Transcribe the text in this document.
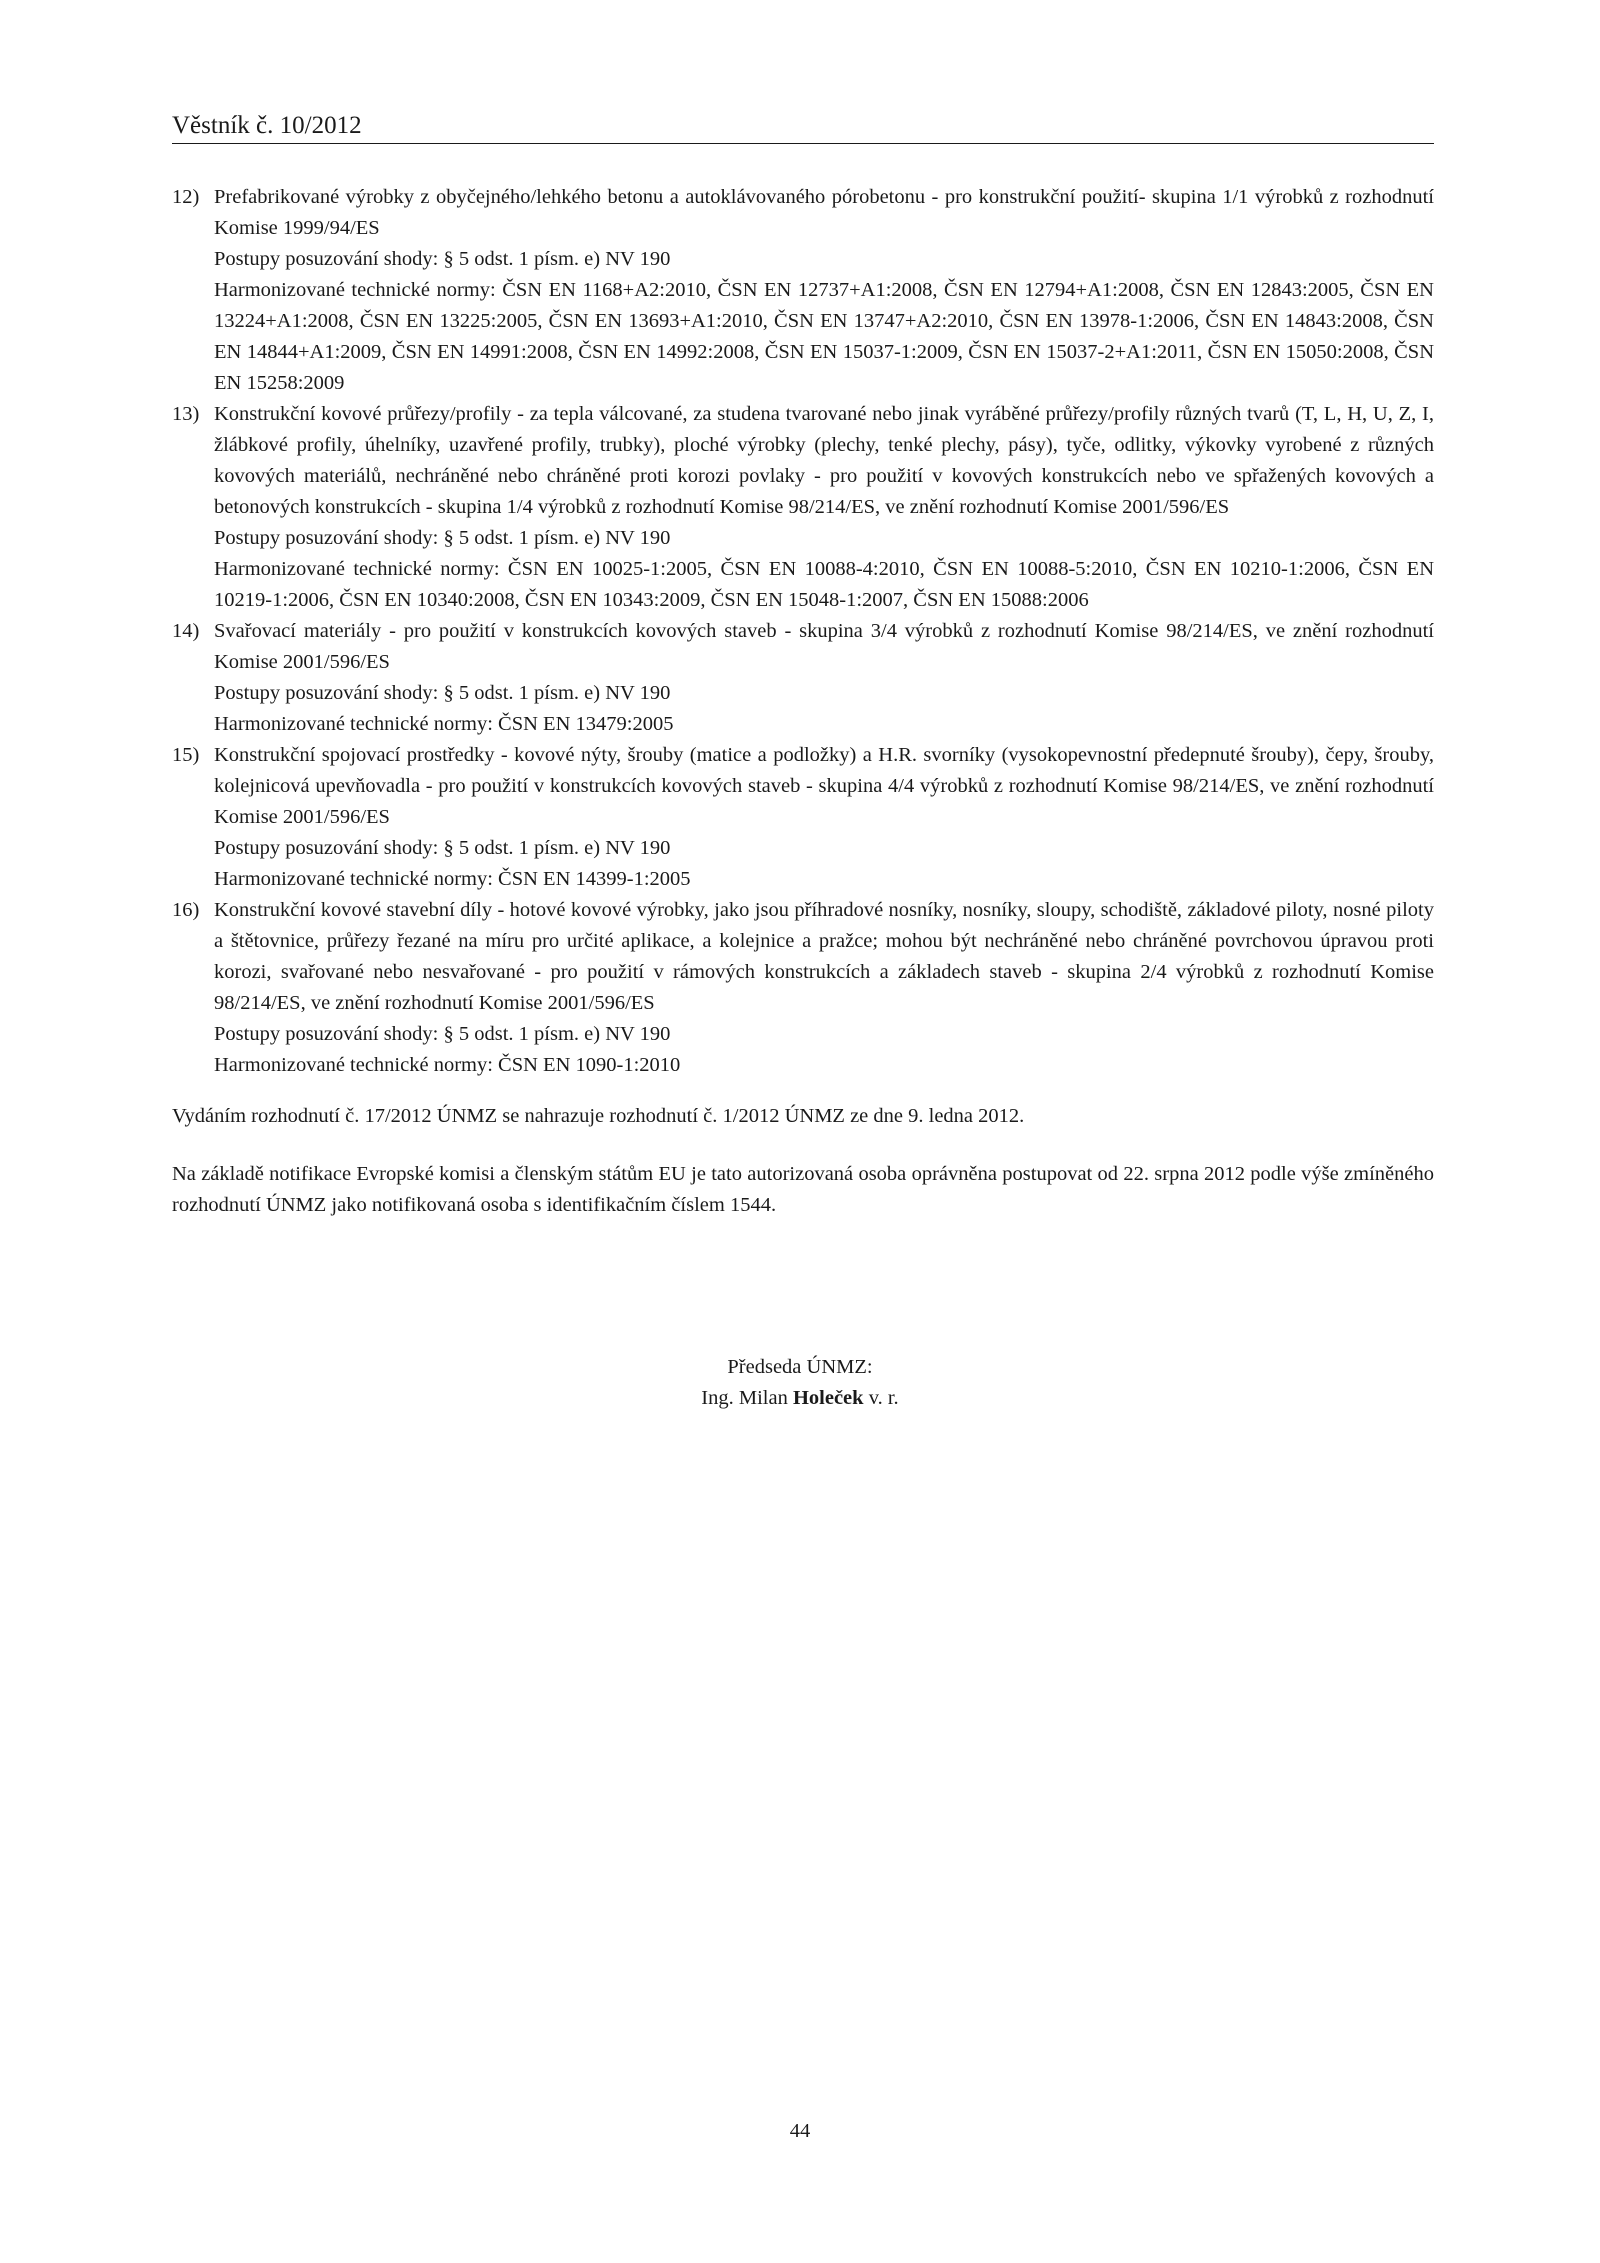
Věstník č. 10/2012
12) Prefabrikované výrobky z obyčejného/lehkého betonu a autoklávovaného pórobetonu - pro konstrukční použití- skupina 1/1 výrobků z rozhodnutí Komise 1999/94/ES
Postupy posuzování shody: § 5 odst. 1 písm. e) NV 190
Harmonizované technické normy: ČSN EN 1168+A2:2010, ČSN EN 12737+A1:2008, ČSN EN 12794+A1:2008, ČSN EN 12843:2005, ČSN EN 13224+A1:2008, ČSN EN 13225:2005, ČSN EN 13693+A1:2010, ČSN EN 13747+A2:2010, ČSN EN 13978-1:2006, ČSN EN 14843:2008, ČSN EN 14844+A1:2009, ČSN EN 14991:2008, ČSN EN 14992:2008, ČSN EN 15037-1:2009, ČSN EN 15037-2+A1:2011, ČSN EN 15050:2008, ČSN EN 15258:2009
13) Konstrukční kovové průřezy/profily - za tepla válcované, za studena tvarované nebo jinak vyráběné průřezy/profily různých tvarů (T, L, H, U, Z, I, žlábkové profily, úhelníky, uzavřené profily, trubky), ploché výrobky (plechy, tenké plechy, pásy), tyče, odlitky, výkovky vyrobené z různých kovových materiálů, nechráněné nebo chráněné proti korozi povlaky - pro použití v kovových konstrukcích nebo ve spřažených kovových a betonových konstrukcích - skupina 1/4 výrobků z rozhodnutí Komise 98/214/ES, ve znění rozhodnutí Komise 2001/596/ES
Postupy posuzování shody: § 5 odst. 1 písm. e) NV 190
Harmonizované technické normy: ČSN EN 10025-1:2005, ČSN EN 10088-4:2010, ČSN EN 10088-5:2010, ČSN EN 10210-1:2006, ČSN EN 10219-1:2006, ČSN EN 10340:2008, ČSN EN 10343:2009, ČSN EN 15048-1:2007, ČSN EN 15088:2006
14) Svařovací materiály - pro použití v konstrukcích kovových staveb - skupina 3/4 výrobků z rozhodnutí Komise 98/214/ES, ve znění rozhodnutí Komise 2001/596/ES
Postupy posuzování shody: § 5 odst. 1 písm. e) NV 190
Harmonizované technické normy: ČSN EN 13479:2005
15) Konstrukční spojovací prostředky - kovové nýty, šrouby (matice a podložky) a H.R. svorníky (vysokopevnostní předepnuté šrouby), čepy, šrouby, kolejnicová upevňovadla - pro použití v konstrukcích kovových staveb - skupina 4/4 výrobků z rozhodnutí Komise 98/214/ES, ve znění rozhodnutí Komise 2001/596/ES
Postupy posuzování shody: § 5 odst. 1 písm. e) NV 190
Harmonizované technické normy: ČSN EN 14399-1:2005
16) Konstrukční kovové stavební díly - hotové kovové výrobky, jako jsou příhradové nosníky, nosníky, sloupy, schodiště, základové piloty, nosné piloty a štětovnice, průřezy řezané na míru pro určité aplikace, a kolejnice a pražce; mohou být nechráněné nebo chráněné povrchovou úpravou proti korozi, svařované nebo nesvařované - pro použití v rámových konstrukcích a základech staveb - skupina 2/4 výrobků z rozhodnutí Komise 98/214/ES, ve znění rozhodnutí Komise 2001/596/ES
Postupy posuzování shody: § 5 odst. 1 písm. e) NV 190
Harmonizované technické normy: ČSN EN 1090-1:2010
Vydáním rozhodnutí č. 17/2012 ÚNMZ se nahrazuje rozhodnutí č. 1/2012 ÚNMZ ze dne 9. ledna 2012.
Na základě notifikace Evropské komisi a členským státům EU je tato autorizovaná osoba oprávněna postupovat od 22. srpna 2012 podle výše zmíněného rozhodnutí ÚNMZ jako notifikovaná osoba s identifikačním číslem 1544.
Předseda ÚNMZ:
Ing. Milan Holeček v. r.
44
